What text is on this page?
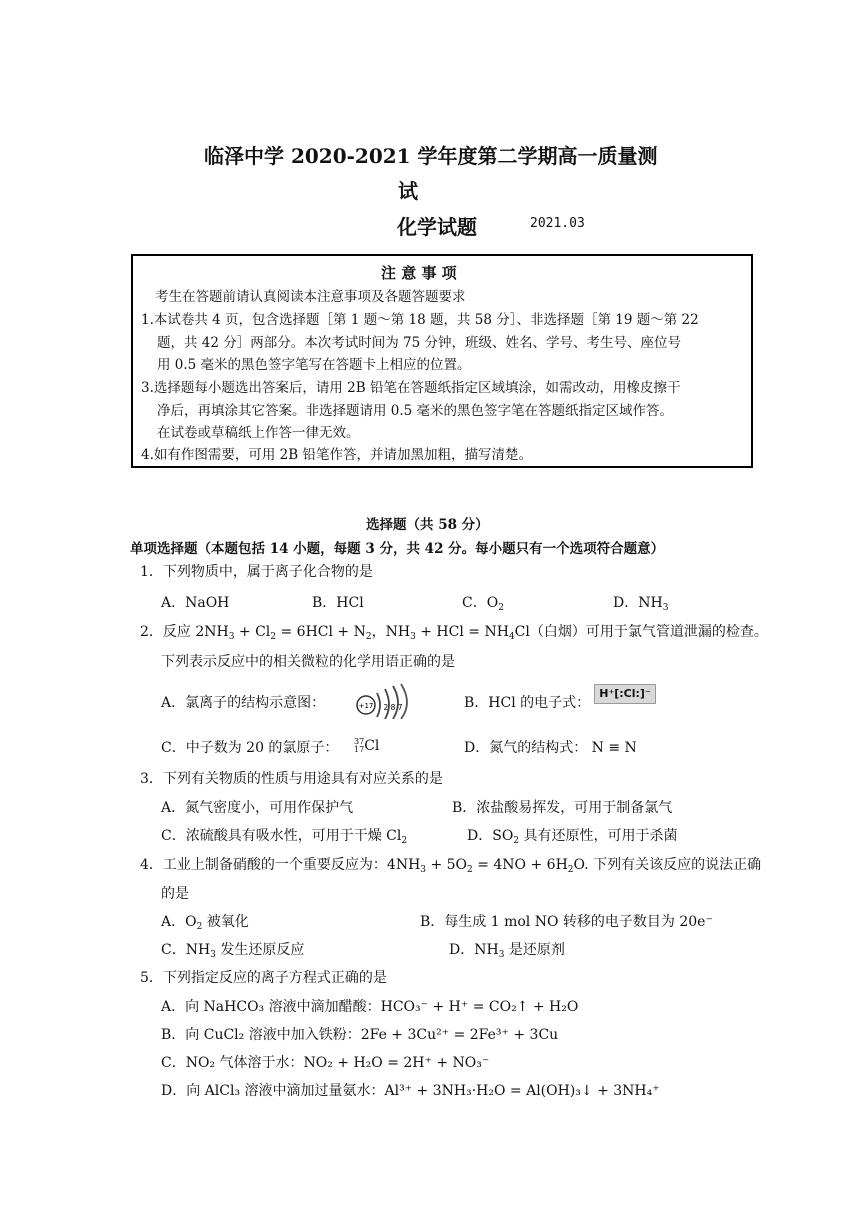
临泽中学 2020-2021 学年度第二学期高一质量测
试
化学试题	2021.03
注 意 事 项
考生在答题前请认真阅读本注意事项及各题答题要求
1.本试卷共 4 页，包含选择题［第 1 题～第 18 题，共 58 分］、非选择题［第 19 题～第 22
题，共 42 分］两部分。本次考试时间为 75 分钟，班级、姓名、学号、考生号、座位号
用 0.5 毫米的黑色签字笔写在答题卡上相应的位置。
3.选择题每小题选出答案后，请用 2B 铅笔在答题纸指定区域填涂，如需改动，用橡皮擦干
净后，再填涂其它答案。非选择题请用 0.5 毫米的黑色签字笔在答题纸指定区域作答。
在试卷或草稿纸上作答一律无效。
4.如有作图需要，可用 2B 铅笔作答，并请加黑加粗，描写清楚。
选择题（共 58 分）
单项选择题（本题包括 14 小题，每题 3 分，共 42 分。每小题只有一个选项符合题意）
1．下列物质中，属于离子化合物的是
A．NaOH	B．HCl	C．$O_2$	D．$NH_3$
2．反应 $2NH_3 + Cl_2 = 6HCl + N_2$，$NH_3$ + HCl = $NH_4Cl$（白烟）可用于氯气管道泄漏的检查。
下列表示反应中的相关微粒的化学用语正确的是
A．氯离子的结构示意图：	+17 2 8 7	B．HCl 的电子式：
H⁺[:Cl:]⁻
C．中子数为 20 的氯原子： 37
17Cl	D．氮气的结构式： N ≡ N
3．下列有关物质的性质与用途具有对应关系的是
A．氮气密度小，可用作保护气	B．浓盐酸易挥发，可用于制备氯气
C．浓硫酸具有吸水性，可用于干燥 $Cl_2$	D．$SO_2$ 具有还原性，可用于杀菌
4．工业上制备硝酸的一个重要反应为：$4NH_3 + 5O_2 = 4NO + 6H_2O$. 下列有关该反应的说法正确
的是
A．$O_2$ 被氧化	B．每生成 1 mol NO 转移的电子数目为 20e⁻
C．$NH_3$ 发生还原反应	D．$NH_3$ 是还原剂
5．下列指定反应的离子方程式正确的是
A．向 NaHCO₃ 溶液中滴加醋酸：HCO₃⁻ + H⁺ = CO₂↑ + H₂O
B．向 CuCl₂ 溶液中加入铁粉：2Fe + 3Cu²⁺ = 2Fe³⁺ + 3Cu
C．NO₂ 气体溶于水：NO₂ + H₂O = 2H⁺ + NO₃⁻
D．向 AlCl₃ 溶液中滴加过量氨水：Al³⁺ + 3NH₃·H₂O = Al(OH)₃↓ + 3NH₄⁺
